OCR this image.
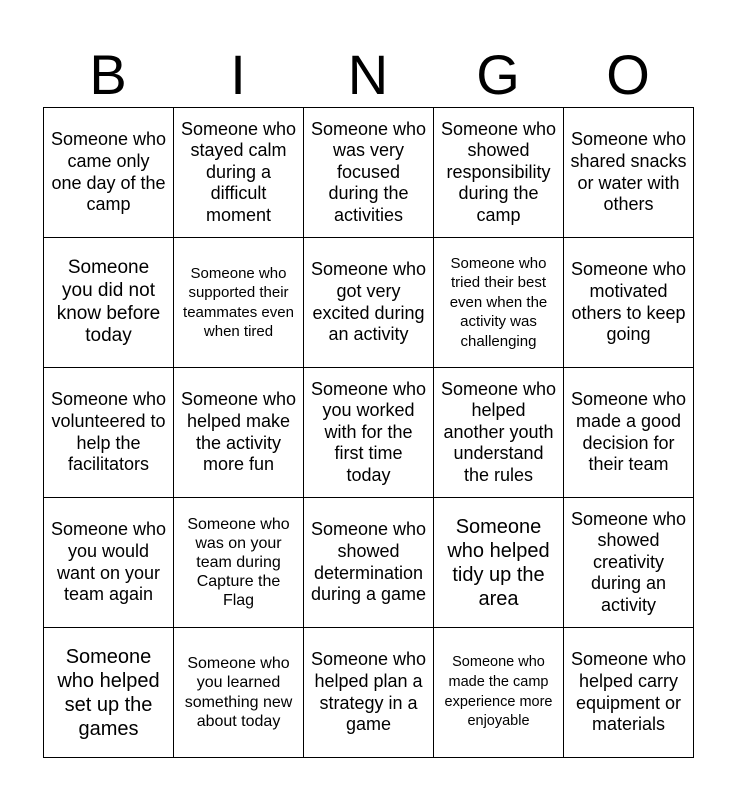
B	I	N	G	O
Someone who came only one day of the camp	Someone who stayed calm during a difficult moment	Someone who was very focused during the activities	Someone who showed responsibility during the camp	Someone who shared snacks or water with others
Someone you did not know before today	Someone who supported their teammates even when tired	Someone who got very excited during an activity	Someone who tried their best even when the activity was challenging	Someone who motivated others to keep going
Someone who volunteered to help the facilitators	Someone who helped make the activity more fun	Someone who you worked with for the first time today	Someone who helped another youth understand the rules	Someone who made a good decision for their team
Someone who you would want on your team again	Someone who was on your team during Capture the Flag	Someone who showed determination during a game	Someone who helped tidy up the area	Someone who showed creativity during an activity
Someone who helped set up the games	Someone who you learned something new about today	Someone who helped plan a strategy in a game	Someone who made the camp experience more enjoyable	Someone who helped carry equipment or materials
